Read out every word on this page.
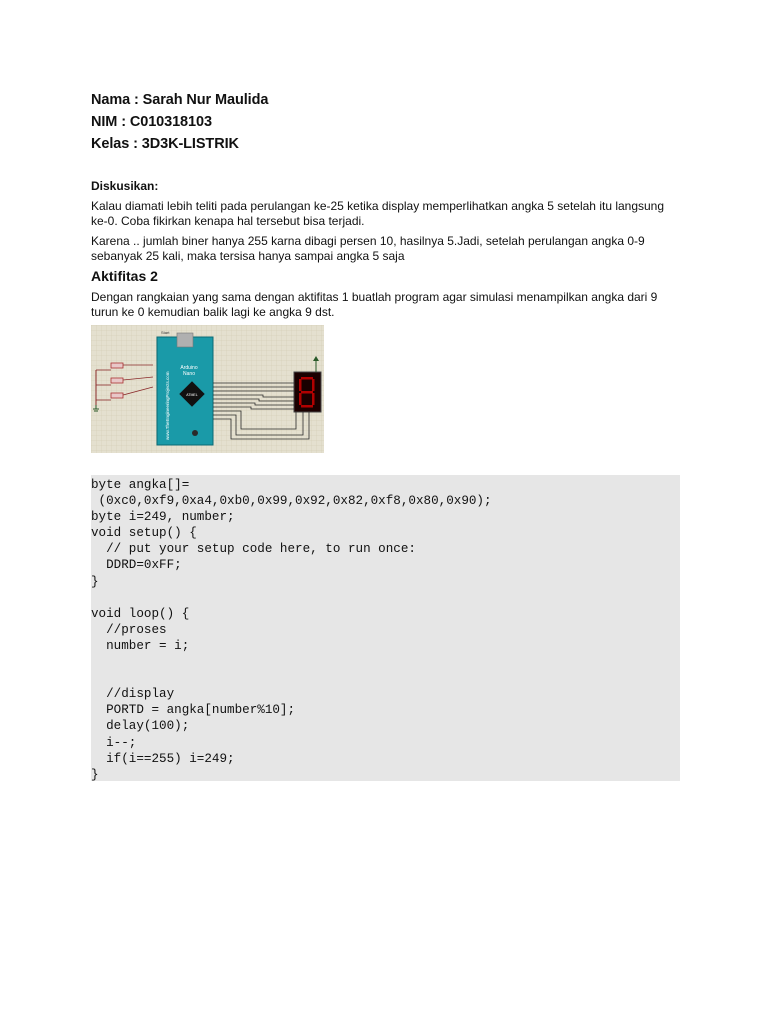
Nama : Sarah Nur Maulida
NIM : C010318103
Kelas : 3D3K-LISTRIK
Diskusikan:
Kalau diamati lebih teliti pada perulangan ke-25 ketika display memperlihatkan angka 5 setelah itu langsung ke-0. Coba fikirkan kenapa hal tersebut bisa terjadi.
Karena .. jumlah biner hanya 255 karna dibagi persen 10, hasilnya 5.Jadi, setelah perulangan angka 0-9 sebanyak 25 kali, maka tersisa hanya sampai angka 5 saja
Aktifitas 2
Dengan rangkaian yang sama dengan aktifitas 1 buatlah program agar simulasi menampilkan angka dari 9 turun ke 0 kemudian balik lagi ke angka 9 dst.
Start
Arduino
Nano
ATMEL
www.TheEngineeringProjects.com
byte angka[]=
(0xc0,0xf9,0xa4,0xb0,0x99,0x92,0x82,0xf8,0x80,0x90);
byte i=249, number;
void setup() {
// put your setup code here, to run once:
DDRD=0xFF;
}

void loop() {
//proses
number = i;

//display
PORTD = angka[number%10];
delay(100);
i--;
if(i==255) i=249;
}
